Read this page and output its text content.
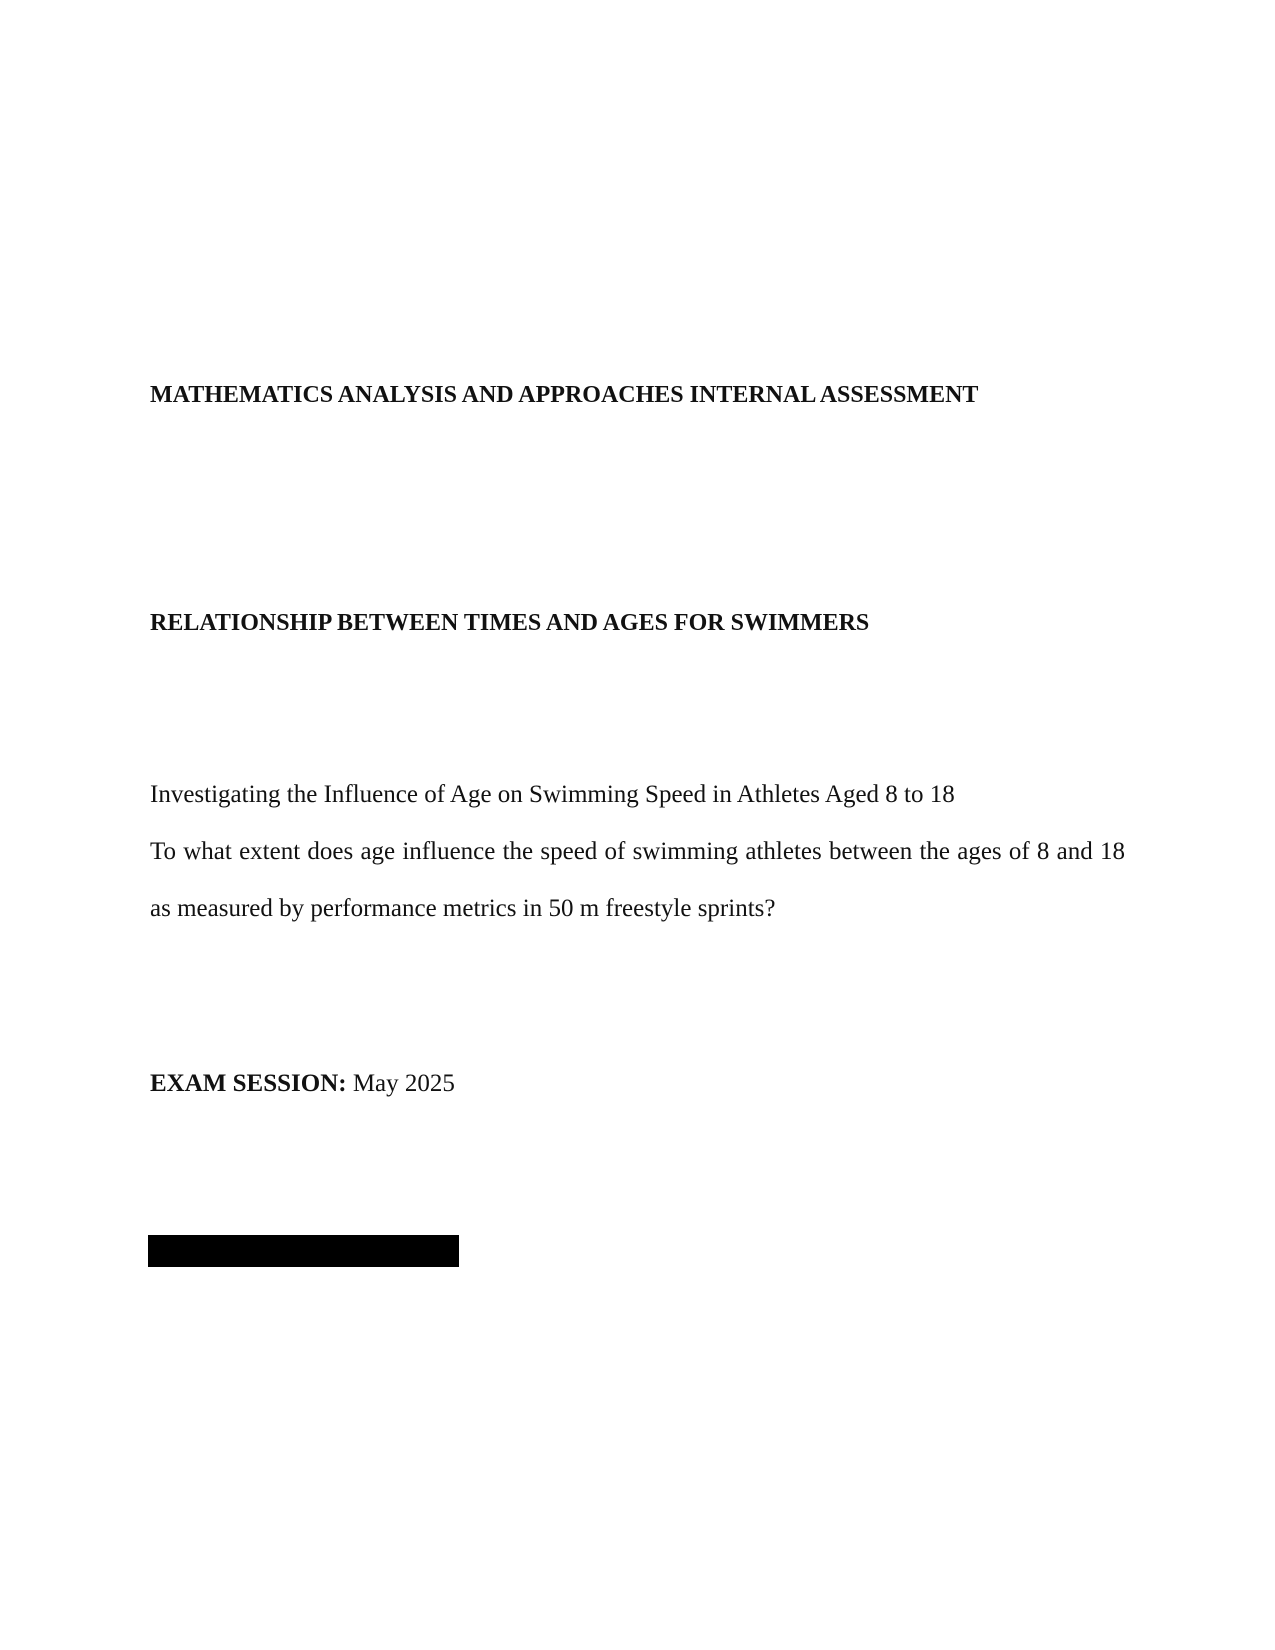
MATHEMATICS ANALYSIS AND APPROACHES INTERNAL ASSESSMENT

RELATIONSHIP BETWEEN TIMES AND AGES FOR SWIMMERS

Investigating the Influence of Age on Swimming Speed in Athletes Aged 8 to 18

To what extent does age influence the speed of swimming athletes between the ages of 8 and 18

as measured by performance metrics in 50 m freestyle sprints?

EXAM SESSION: May 2025
